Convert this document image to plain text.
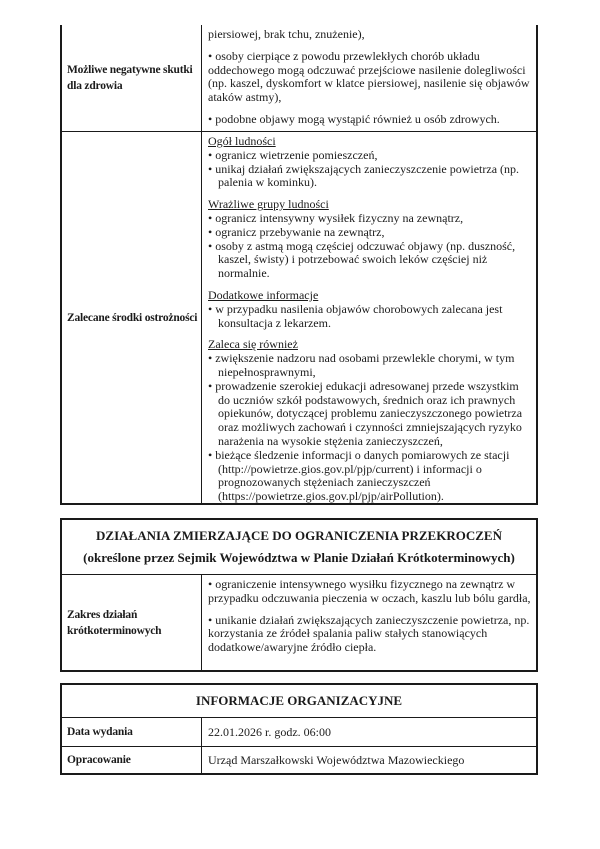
Możliwe negatywne skutki dla zdrowia
piersiowej, brak tchu, znużenie),
• osoby cierpiące z powodu przewlekłych chorób układu oddechowego mogą odczuwać przejściowe nasilenie dolegliwości (np. kaszel, dyskomfort w klatce piersiowej, nasilenie się objawów ataków astmy),
• podobne objawy mogą wystąpić również u osób zdrowych.
Zalecane środki ostrożności
Ogół ludności
• ogranicz wietrzenie pomieszczeń,
• unikaj działań zwiększających zanieczyszczenie powietrza (np. palenia w kominku).
Wrażliwe grupy ludności
• ogranicz intensywny wysiłek fizyczny na zewnątrz,
• ogranicz przebywanie na zewnątrz,
• osoby z astmą mogą częściej odczuwać objawy (np. duszność, kaszel, świsty) i potrzebować swoich leków częściej niż normalnie.
Dodatkowe informacje
• w przypadku nasilenia objawów chorobowych zalecana jest konsultacja z lekarzem.
Zaleca się również
• zwiększenie nadzoru nad osobami przewlekle chorymi, w tym niepełnosprawnymi,
• prowadzenie szerokiej edukacji adresowanej przede wszystkim do uczniów szkół podstawowych, średnich oraz ich prawnych opiekunów, dotyczącej problemu zanieczyszczonego powietrza oraz możliwych zachowań i czynności zmniejszających ryzyko narażenia na wysokie stężenia zanieczyszczeń,
• bieżące śledzenie informacji o danych pomiarowych ze stacji (http://powietrze.gios.gov.pl/pjp/current) i informacji o prognozowanych stężeniach zanieczyszczeń (https://powietrze.gios.gov.pl/pjp/airPollution).
DZIAŁANIA ZMIERZAJĄCE DO OGRANICZENIA PRZEKROCZEŃ
(określone przez Sejmik Województwa w Planie Działań Krótkoterminowych)
Zakres działań krótkoterminowych
• ograniczenie intensywnego wysiłku fizycznego na zewnątrz w przypadku odczuwania pieczenia w oczach, kaszlu lub bólu gardła,
• unikanie działań zwiększających zanieczyszczenie powietrza, np. korzystania ze źródeł spalania paliw stałych stanowiących dodatkowe/awaryjne źródło ciepła.
INFORMACJE ORGANIZACYJNE
Data wydania	22.01.2026 r. godz. 06:00
Opracowanie	Urząd Marszałkowski Województwa Mazowieckiego
